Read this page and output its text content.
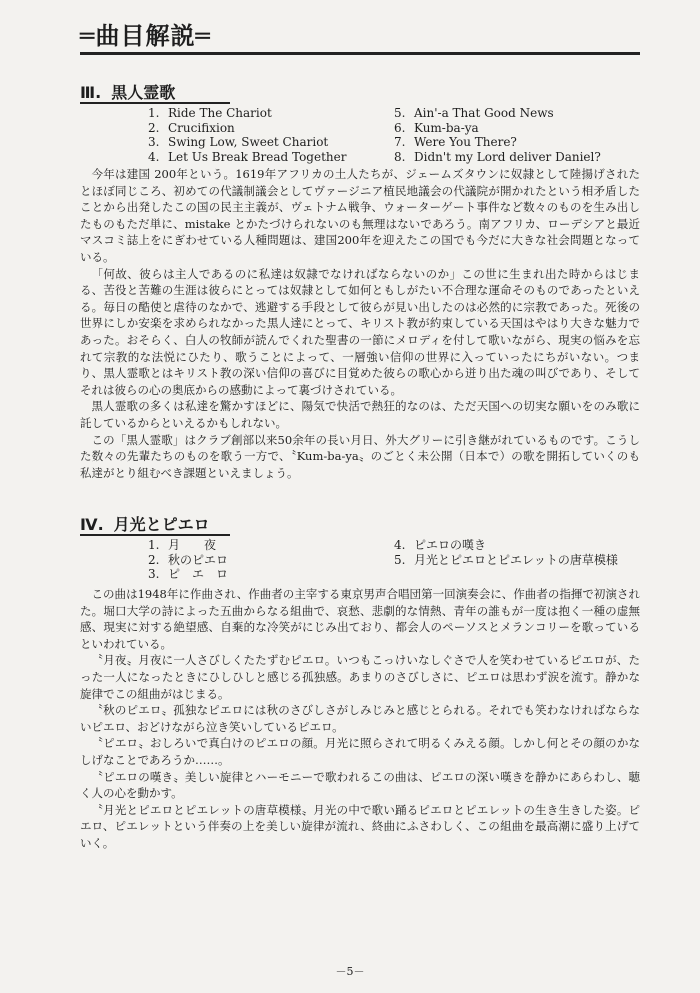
═曲目解説═
Ⅲ. 黒人霊歌
1. Ride The Chariot
2. Crucifixion
3. Swing Low, Sweet Chariot
4. Let Us Break Bread Together
5. Ain'-a That Good News
6. Kum-ba-ya
7. Were You There?
8. Didn't my Lord deliver Daniel?

今年は建国 200年という。1619年アフリカの土人たちが、ジェームズタウンに奴隷として陸揚げされたとほぼ同じころ、初めての代議制議会としてヴァージニア植民地議会の代議院が開かれたという相矛盾したことから出発したこの国の民主主義が、ヴェトナム戦争、ウォーターゲート事件など数々のものを生み出したものもただ単に、mistake とかたづけられないのも無理はないであろう。南アフリカ、ローデシアと最近マスコミ誌上をにぎわせている人種問題は、建国200年を迎えたこの国でも今だに大きな社会問題となっている。

「何故、彼らは主人であるのに私達は奴隷でなければならないのか」この世に生まれ出た時からはじまる、苦役と苦難の生涯は彼らにとっては奴隷として如何ともしがたい不合理な運命そのものであったといえる。毎日の酷使と虐待のなかで、逃避する手段として彼らが見い出したのは必然的に宗教であった。死後の世界にしか安楽を求められなかった黒人達にとって、キリスト教が約束している天国はやはり大きな魅力であった。おそらく、白人の牧師が読んでくれた聖書の一節にメロディを付して歌いながら、現実の悩みを忘れて宗教的な法悦にひたり、歌うことによって、一層強い信仰の世界に入っていったにちがいない。つまり、黒人霊歌とはキリスト教の深い信仰の喜びに目覚めた彼らの歌心から迸り出た魂の叫びであり、そしてそれは彼らの心の奥底からの感動によって裏づけされている。

黒人霊歌の多くは私達を驚かすほどに、陽気で快活で熱狂的なのは、ただ天国への切実な願いをのみ歌に託しているからといえるかもしれない。

この「黒人霊歌」はクラブ創部以来50余年の長い月日、外大グリーに引き継がれているものです。こうした数々の先輩たちのものを歌う一方で、〝Kum-ba-ya〟のごとく未公開（日本で）の歌を開拓していくのも私達がとり組むべき課題といえましょう。

Ⅳ. 月光とピエロ
1. 月　　夜
2. 秋のピエロ
3. ピ　エ　ロ
4. ピエロの嘆き
5. 月光とピエロとピエレットの唐草模様

この曲は1948年に作曲され、作曲者の主宰する東京男声合唱団第一回演奏会に、作曲者の指揮で初演された。堀口大学の詩によった五曲からなる組曲で、哀愁、悲劇的な情熱、青年の誰もが一度は抱く一種の虚無感、現実に対する絶望感、自棄的な冷笑がにじみ出ており、都会人のペーソスとメランコリーを歌っているといわれている。

〝月夜〟月夜に一人さびしくたたずむピエロ。いつもこっけいなしぐさで人を笑わせているピエロが、たった一人になったときにひしひしと感じる孤独感。あまりのさびしさに、ピエロは思わず涙を流す。静かな旋律でこの組曲がはじまる。

〝秋のピエロ〟孤独なピエロには秋のさびしさがしみじみと感じとられる。それでも笑わなければならないピエロ、おどけながら泣き笑いしているピエロ。

〝ピエロ〟おしろいで真白けのピエロの顔。月光に照らされて明るくみえる顔。しかし何とその顔のかなしげなことであろうか……。

〝ピエロの嘆き〟美しい旋律とハーモニーで歌われるこの曲は、ピエロの深い嘆きを静かにあらわし、聴く人の心を動かす。

〝月光とピエロとピエレットの唐草模様〟月光の中で歌い踊るピエロとピエレットの生き生きした姿。ピエロ、ピエレットという伴奏の上を美しい旋律が流れ、終曲にふさわしく、この組曲を最高潮に盛り上げていく。

－5－
